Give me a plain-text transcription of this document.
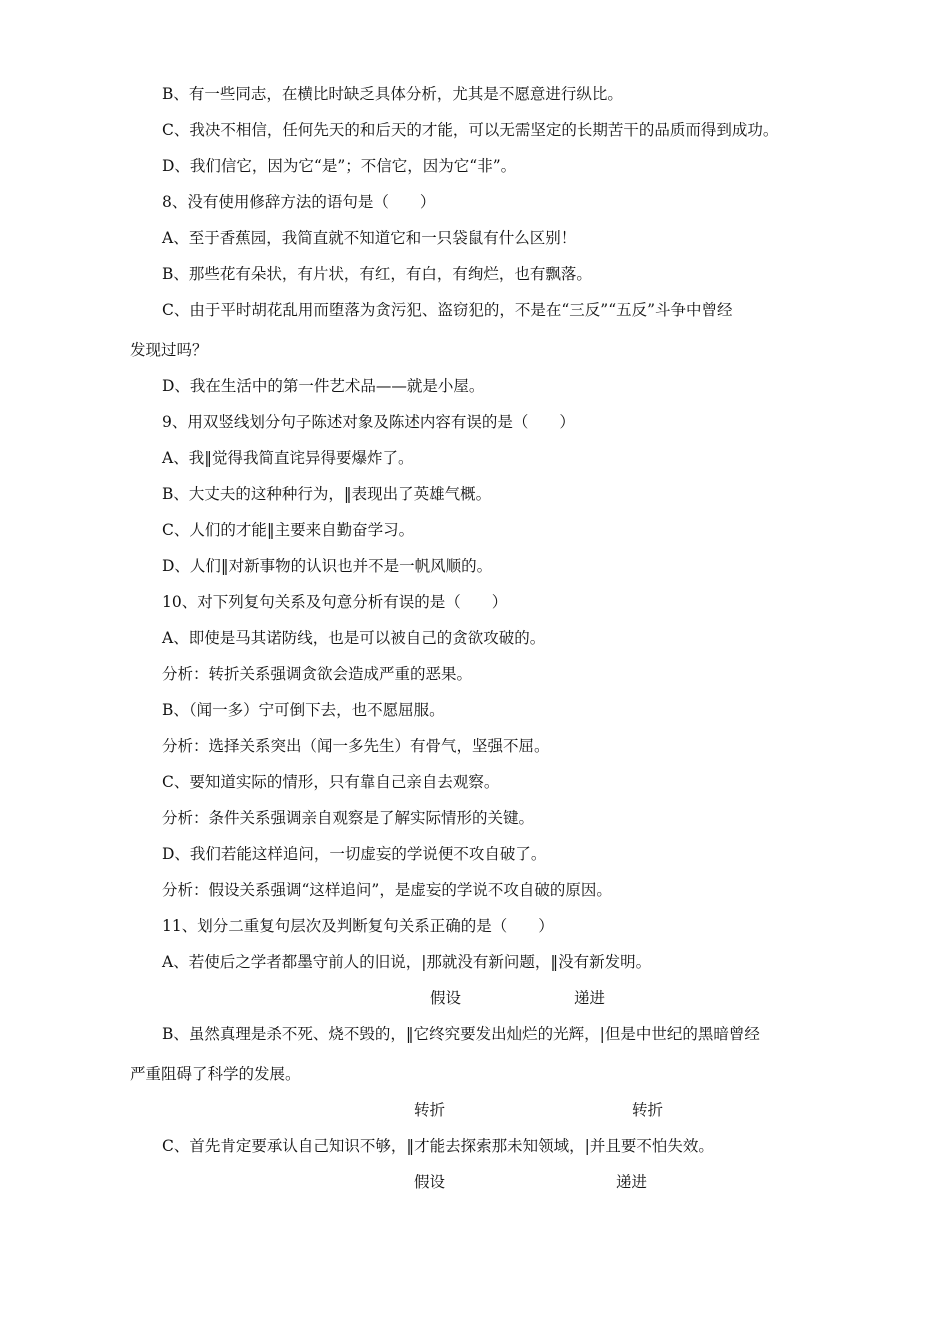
B、有一些同志，在横比时缺乏具体分析，尤其是不愿意进行纵比。

C、我决不相信，任何先天的和后天的才能，可以无需坚定的长期苦干的品质而得到成功。

D、我们信它，因为它“是”；不信它，因为它“非”。

8、没有使用修辞方法的语句是（　　）

A、至于香蕉园，我简直就不知道它和一只袋鼠有什么区别！

B、那些花有朵状，有片状，有红，有白，有绚烂，也有飘落。

C、由于平时胡花乱用而堕落为贪污犯、盗窃犯的，不是在“三反”“五反”斗争中曾经

发现过吗？

D、我在生活中的第一件艺术品——就是小屋。

9、用双竖线划分句子陈述对象及陈述内容有误的是（　　）

A、我‖觉得我简直诧异得要爆炸了。

B、大丈夫的这种种行为，‖表现出了英雄气概。

C、人们的才能‖主要来自勤奋学习。

D、人们‖对新事物的认识也并不是一帆风顺的。

10、对下列复句关系及句意分析有误的是（　　）

A、即使是马其诺防线，也是可以被自己的贪欲攻破的。

分析：转折关系强调贪欲会造成严重的恶果。

B、（闻一多）宁可倒下去，也不愿屈服。

分析：选择关系突出（闻一多先生）有骨气，坚强不屈。

C、要知道实际的情形，只有靠自己亲自去观察。

分析：条件关系强调亲自观察是了解实际情形的关键。

D、我们若能这样追问，一切虚妄的学说便不攻自破了。

分析：假设关系强调“这样追问”，是虚妄的学说不攻自破的原因。

11、划分二重复句层次及判断复句关系正确的是（　　）

A、若使后之学者都墨守前人的旧说，|那就没有新问题，‖没有新发明。

假设	递进

B、虽然真理是杀不死、烧不毁的，‖它终究要发出灿烂的光辉，|但是中世纪的黑暗曾经

严重阻碍了科学的发展。

转折	转折

C、首先肯定要承认自己知识不够，‖才能去探索那未知领域，|并且要不怕失效。

假设	递进
